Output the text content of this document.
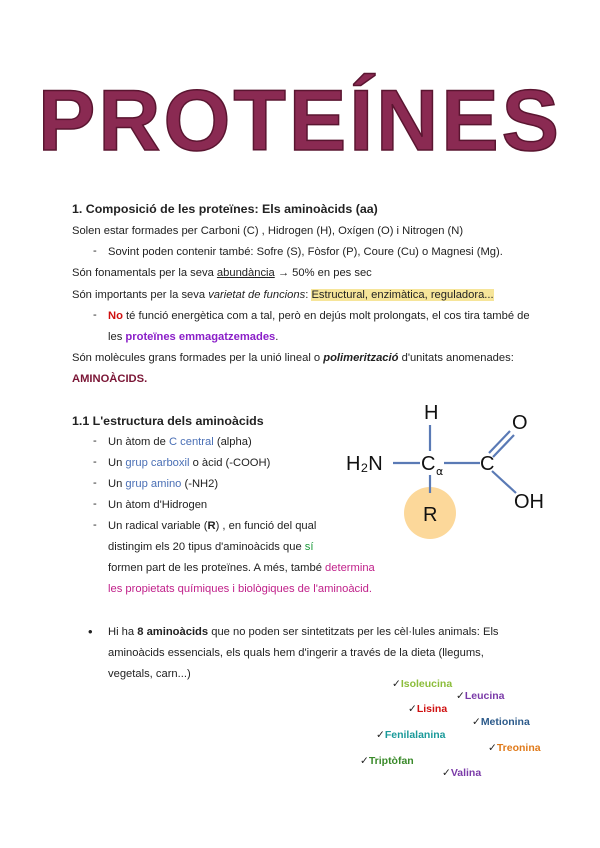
PROTEÍNES
1. Composició de les proteïnes: Els aminoàcids (aa)
Solen estar formades per Carboni (C) , Hidrogen (H), Oxígen (O) i Nitrogen (N)
- Sovint poden contenir també: Sofre (S), Fòsfor (P), Coure (Cu) o Magnesi (Mg).
Són fonamentals per la seva abundància → 50% en pes sec
Són importants per la seva varietat de funcions: Estructural, enzimàtica, reguladora...
- No té funció energètica com a tal, però en dejús molt prolongats, el cos tira també de
les proteïnes emmagatzemades.
Són molècules grans formades per la unió lineal o polimerització d'unitats anomenades:
AMINOÀCIDS.
1.1 L'estructura dels aminoàcids
- Un àtom de C central (alpha)
- Un grup carboxil o àcid (-COOH)
- Un grup amino (-NH2)
- Un àtom d'Hidrogen
- Un radical variable (R) , en funció del qual
distingim els 20 tipus d'aminoàcids que sí
formen part de les proteïnes. A més, també determina
les propietats químiques i biològiques de l'aminoàcid.
H
H₂N C α C
O
OH
R
• Hi ha 8 aminoàcids que no poden ser sintetitzats per les cèl·lules animals: Els
aminoàcids essencials, els quals hem d'ingerir a través de la dieta (llegums,
vegetals, carn...)
✓Isoleucina
✓Leucina
✓Lisina
✓Metionina
✓Fenilalanina
✓Treonina
✓Triptòfan
✓Valina
